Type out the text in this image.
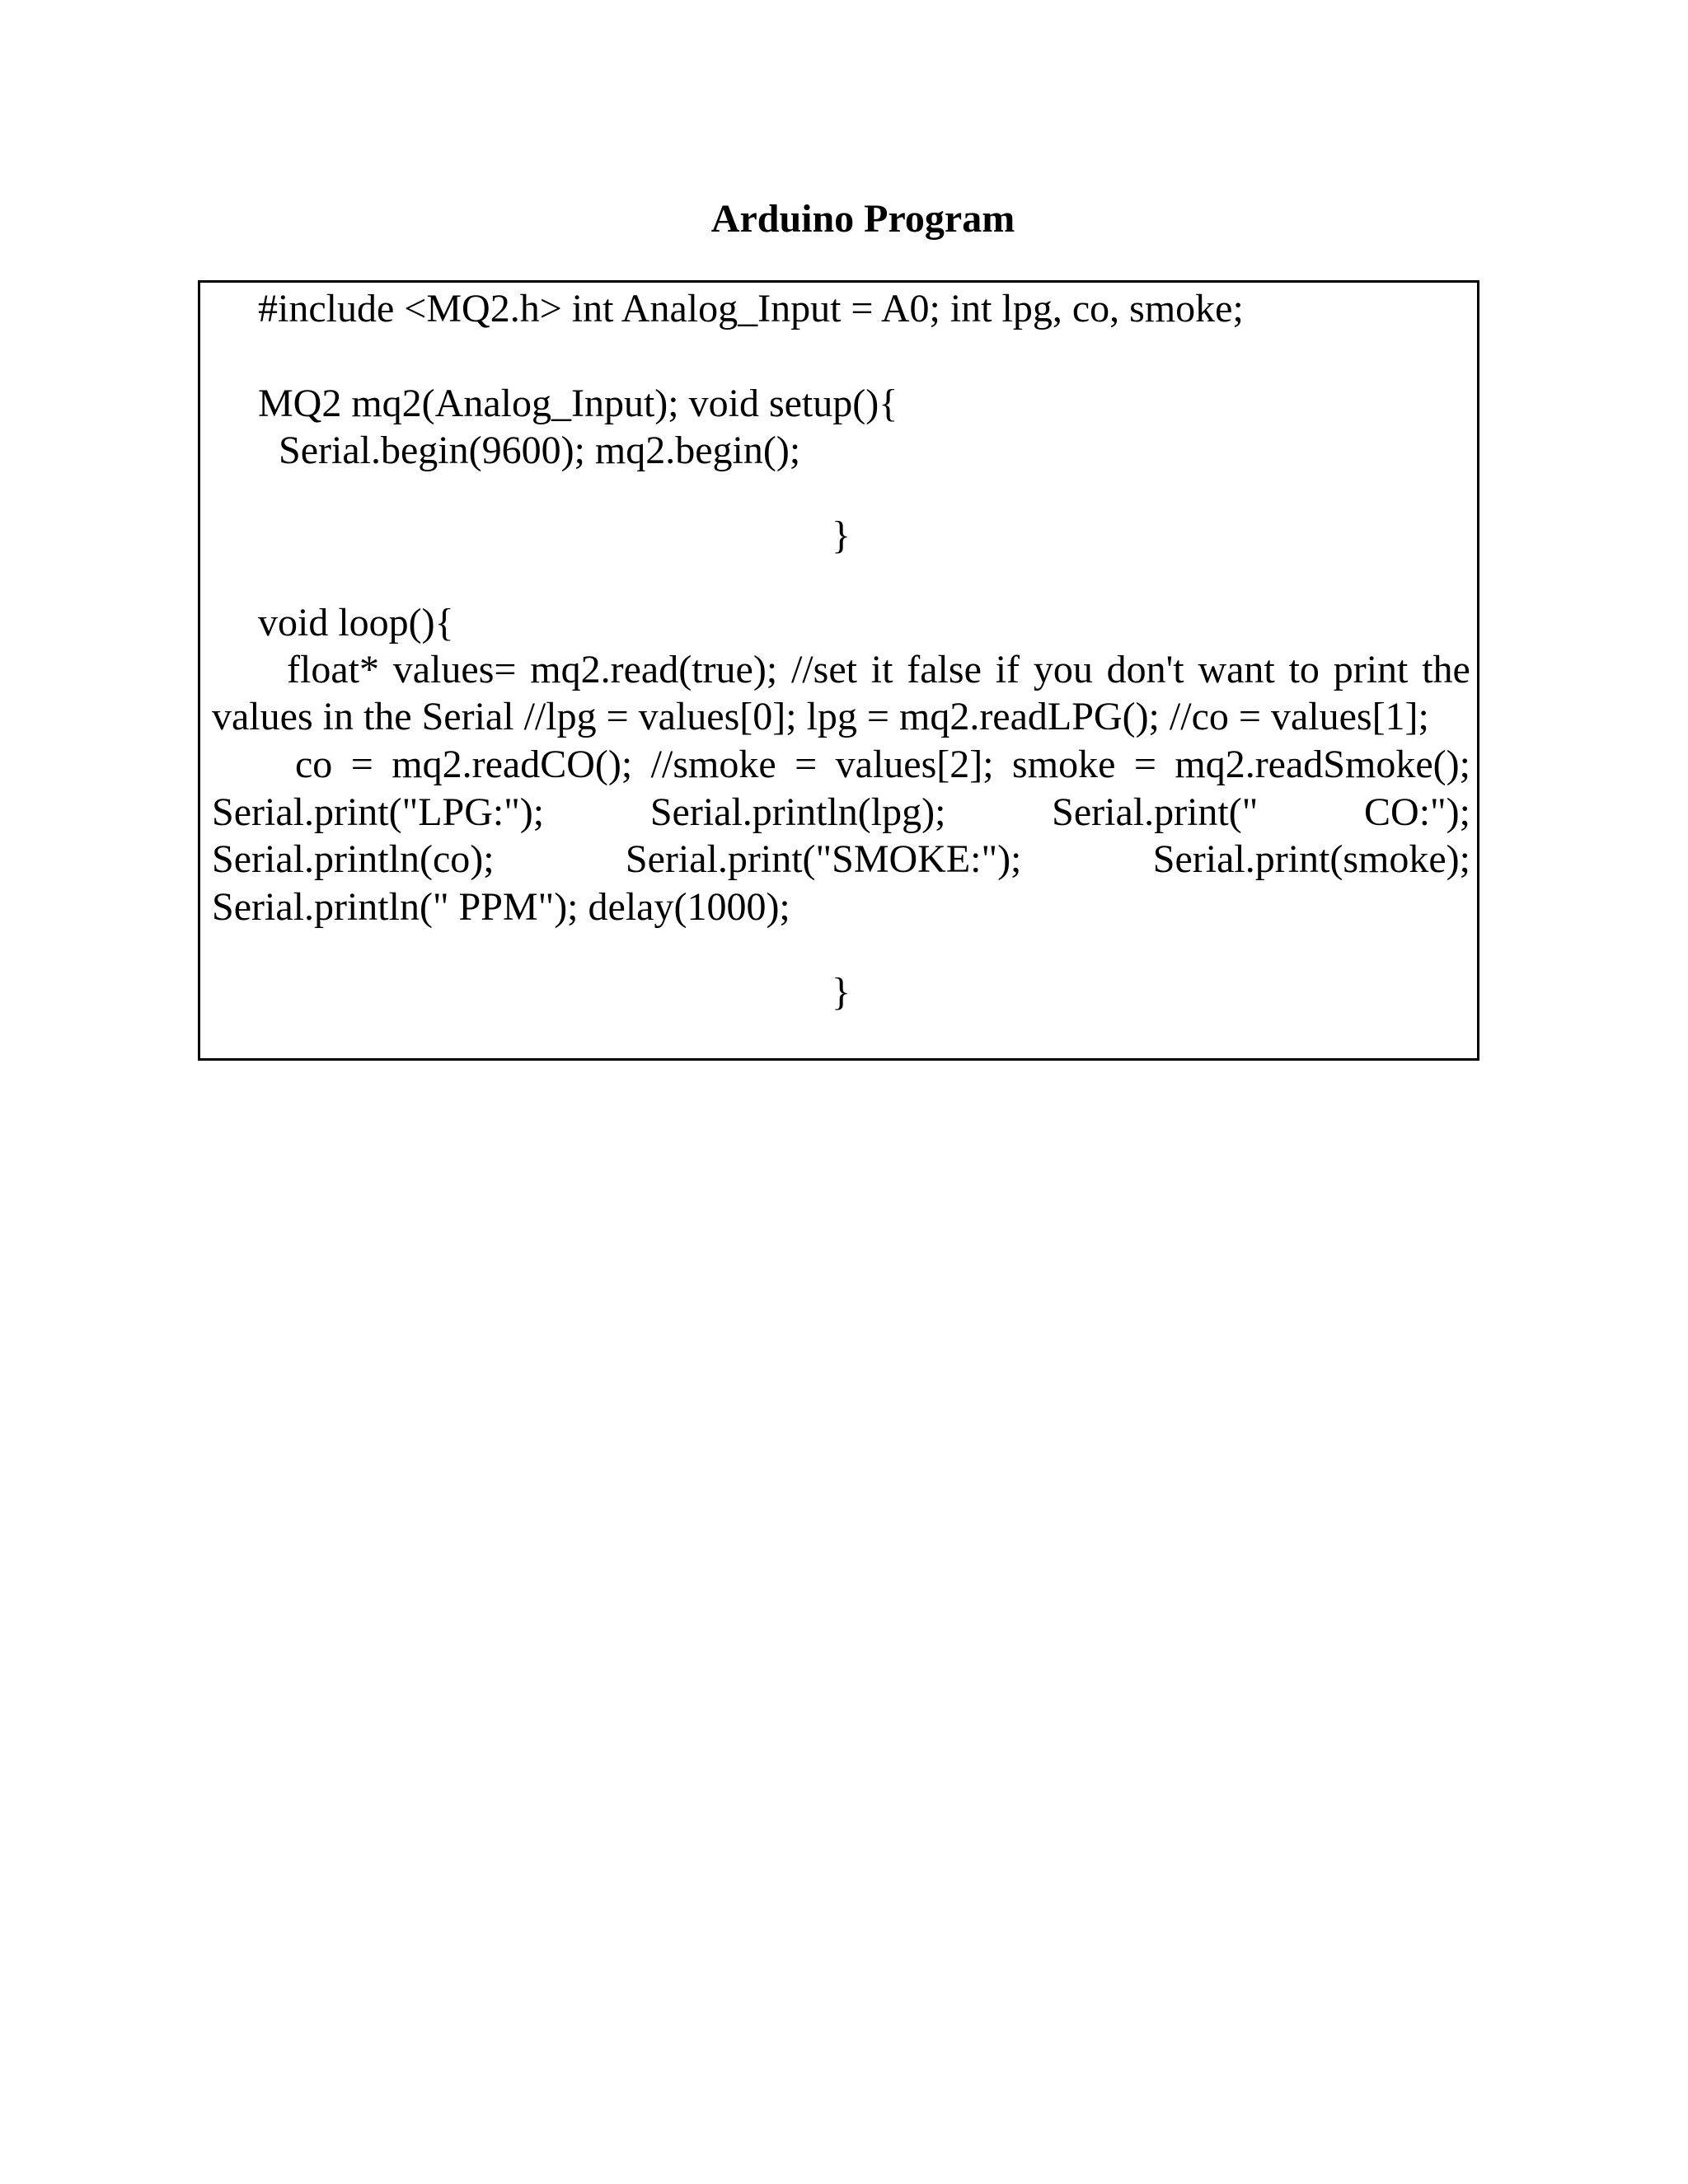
Arduino Program
#include <MQ2.h> int Analog_Input = A0; int lpg, co, smoke;
MQ2 mq2(Analog_Input); void setup(){
Serial.begin(9600); mq2.begin();
}
void loop(){
float* values= mq2.read(true); //set it false if you don't want to print the
values in the Serial //lpg = values[0]; lpg = mq2.readLPG(); //co = values[1];
co = mq2.readCO(); //smoke = values[2]; smoke = mq2.readSmoke();
Serial.print("LPG:");	Serial.println(lpg);	Serial.print("	CO:");
Serial.println(co);	Serial.print("SMOKE:");	Serial.print(smoke);
Serial.println(" PPM"); delay(1000);
}
